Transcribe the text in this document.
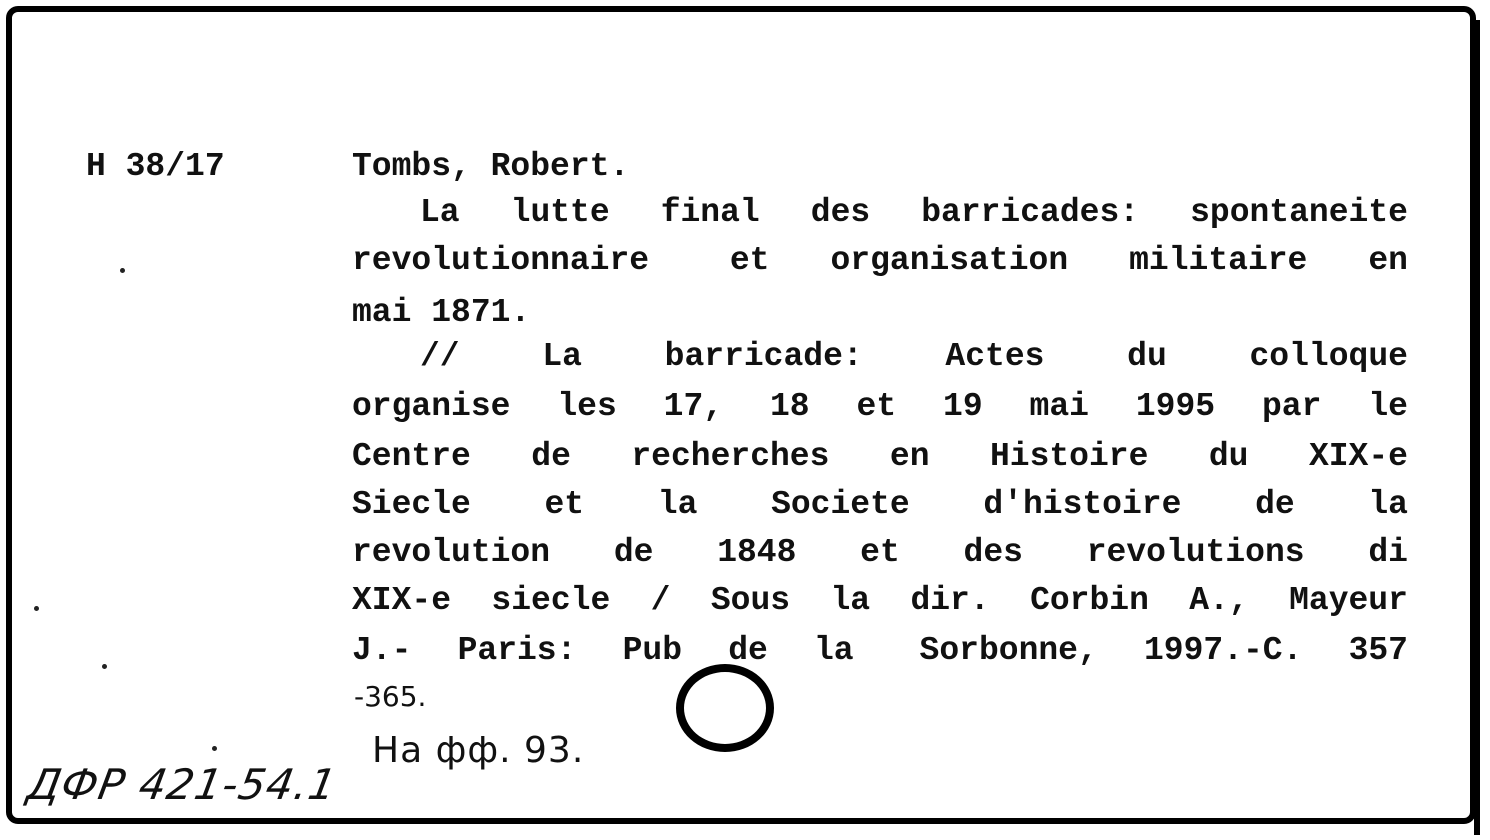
H 38/17	Tombs, Robert.
La lutte final des barricades: spontaneite
revolutionnaire et organisation militaire en
mai
1871.
//	La	barricade:	Actes	du	colloque
organise les 17, 18 et 19 mai 1995 par le
Centre de recherches en Histoire du XIX-e
Siecle et la Societe d'histoire de la
revolution de 1848 et des revolutions di
XIX-e siecle / Sous la dir. Corbin A., Mayeur
J.- Paris: Pub de la Sorbonne, 1997.-C. 357
-365.
На фф. 93.
ДФР 421-54.1
